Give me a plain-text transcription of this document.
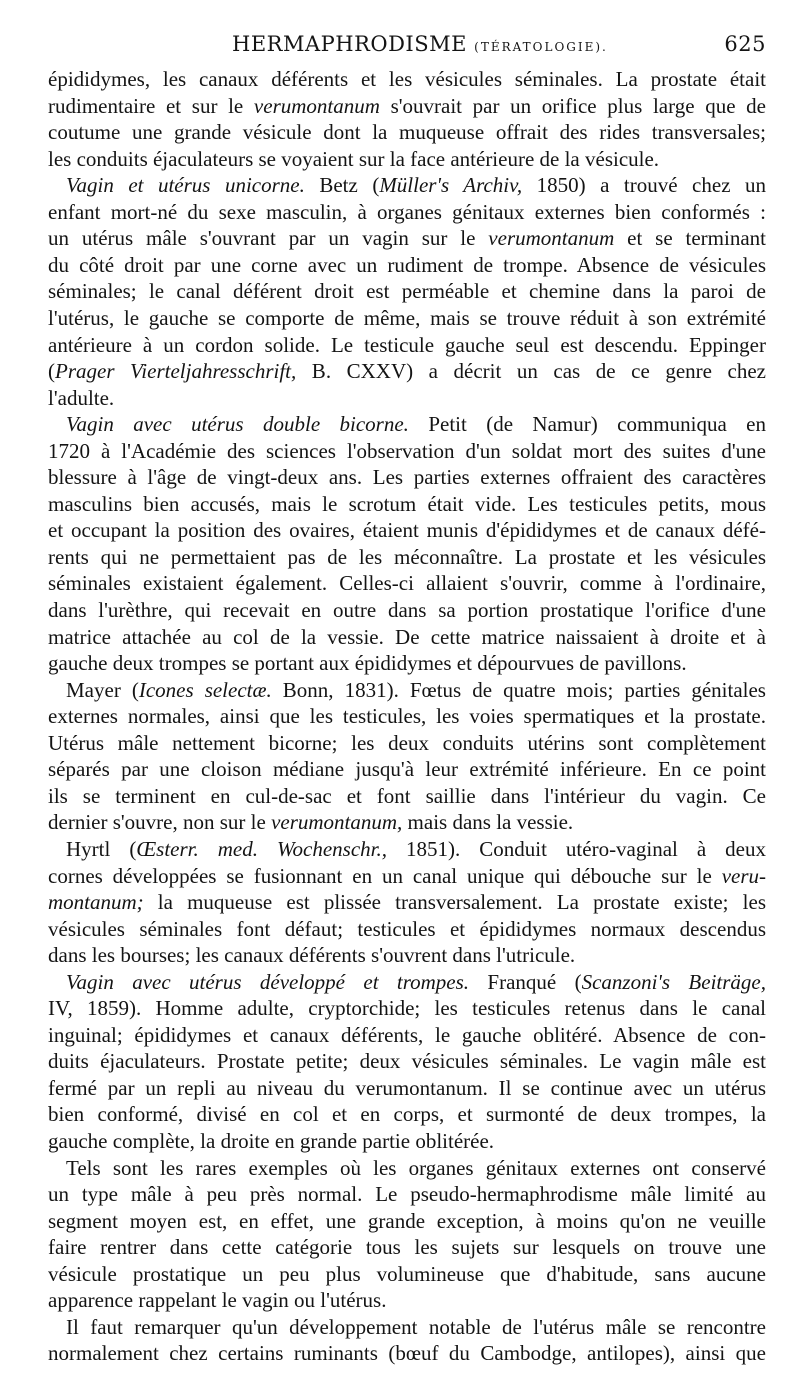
HERMAPHRODISME (TÉRATOLOGIE).	625
épididymes, les canaux déférents et les vésicules séminales. La prostate était
rudimentaire et sur le verumontanum s'ouvrait par un orifice plus large que de
coutume une grande vésicule dont la muqueuse offrait des rides transversales;
les conduits éjaculateurs se voyaient sur la face antérieure de la vésicule.
Vagin et utérus unicorne. Betz (Müller's Archiv, 1850) a trouvé chez un
enfant mort-né du sexe masculin, à organes génitaux externes bien conformés :
un utérus mâle s'ouvrant par un vagin sur le verumontanum et se terminant
du côté droit par une corne avec un rudiment de trompe. Absence de vésicules
séminales; le canal déférent droit est perméable et chemine dans la paroi de
l'utérus, le gauche se comporte de même, mais se trouve réduit à son extrémité
antérieure à un cordon solide. Le testicule gauche seul est descendu. Eppinger
(Prager Vierteljahresschrift, B. CXXV) a décrit un cas de ce genre chez
l'adulte.
Vagin avec utérus double bicorne. Petit (de Namur) communiqua en
1720 à l'Académie des sciences l'observation d'un soldat mort des suites d'une
blessure à l'âge de vingt-deux ans. Les parties externes offraient des caractères
masculins bien accusés, mais le scrotum était vide. Les testicules petits, mous
et occupant la position des ovaires, étaient munis d'épididymes et de canaux défé-
rents qui ne permettaient pas de les méconnaître. La prostate et les vésicules
séminales existaient également. Celles-ci allaient s'ouvrir, comme à l'ordinaire,
dans l'urèthre, qui recevait en outre dans sa portion prostatique l'orifice d'une
matrice attachée au col de la vessie. De cette matrice naissaient à droite et à
gauche deux trompes se portant aux épididymes et dépourvues de pavillons.
Mayer (Icones selectæ. Bonn, 1831). Fœtus de quatre mois; parties génitales
externes normales, ainsi que les testicules, les voies spermatiques et la prostate.
Utérus mâle nettement bicorne; les deux conduits utérins sont complètement
séparés par une cloison médiane jusqu'à leur extrémité inférieure. En ce point
ils se terminent en cul-de-sac et font saillie dans l'intérieur du vagin. Ce
dernier s'ouvre, non sur le verumontanum, mais dans la vessie.
Hyrtl (Œsterr. med. Wochenschr., 1851). Conduit utéro-vaginal à deux
cornes développées se fusionnant en un canal unique qui débouche sur le veru-
montanum; la muqueuse est plissée transversalement. La prostate existe; les
vésicules séminales font défaut; testicules et épididymes normaux descendus
dans les bourses; les canaux déférents s'ouvrent dans l'utricule.
Vagin avec utérus développé et trompes. Franqué (Scanzoni's Beiträge,
IV, 1859). Homme adulte, cryptorchide; les testicules retenus dans le canal
inguinal; épididymes et canaux déférents, le gauche oblitéré. Absence de con-
duits éjaculateurs. Prostate petite; deux vésicules séminales. Le vagin mâle est
fermé par un repli au niveau du verumontanum. Il se continue avec un utérus
bien conformé, divisé en col et en corps, et surmonté de deux trompes, la
gauche complète, la droite en grande partie oblitérée.
Tels sont les rares exemples où les organes génitaux externes ont conservé
un type mâle à peu près normal. Le pseudo-hermaphrodisme mâle limité au
segment moyen est, en effet, une grande exception, à moins qu'on ne veuille
faire rentrer dans cette catégorie tous les sujets sur lesquels on trouve une
vésicule prostatique un peu plus volumineuse que d'habitude, sans aucune
apparence rappelant le vagin ou l'utérus.
Il faut remarquer qu'un développement notable de l'utérus mâle se rencontre
normalement chez certains ruminants (bœuf du Cambodge, antilopes), ainsi que
